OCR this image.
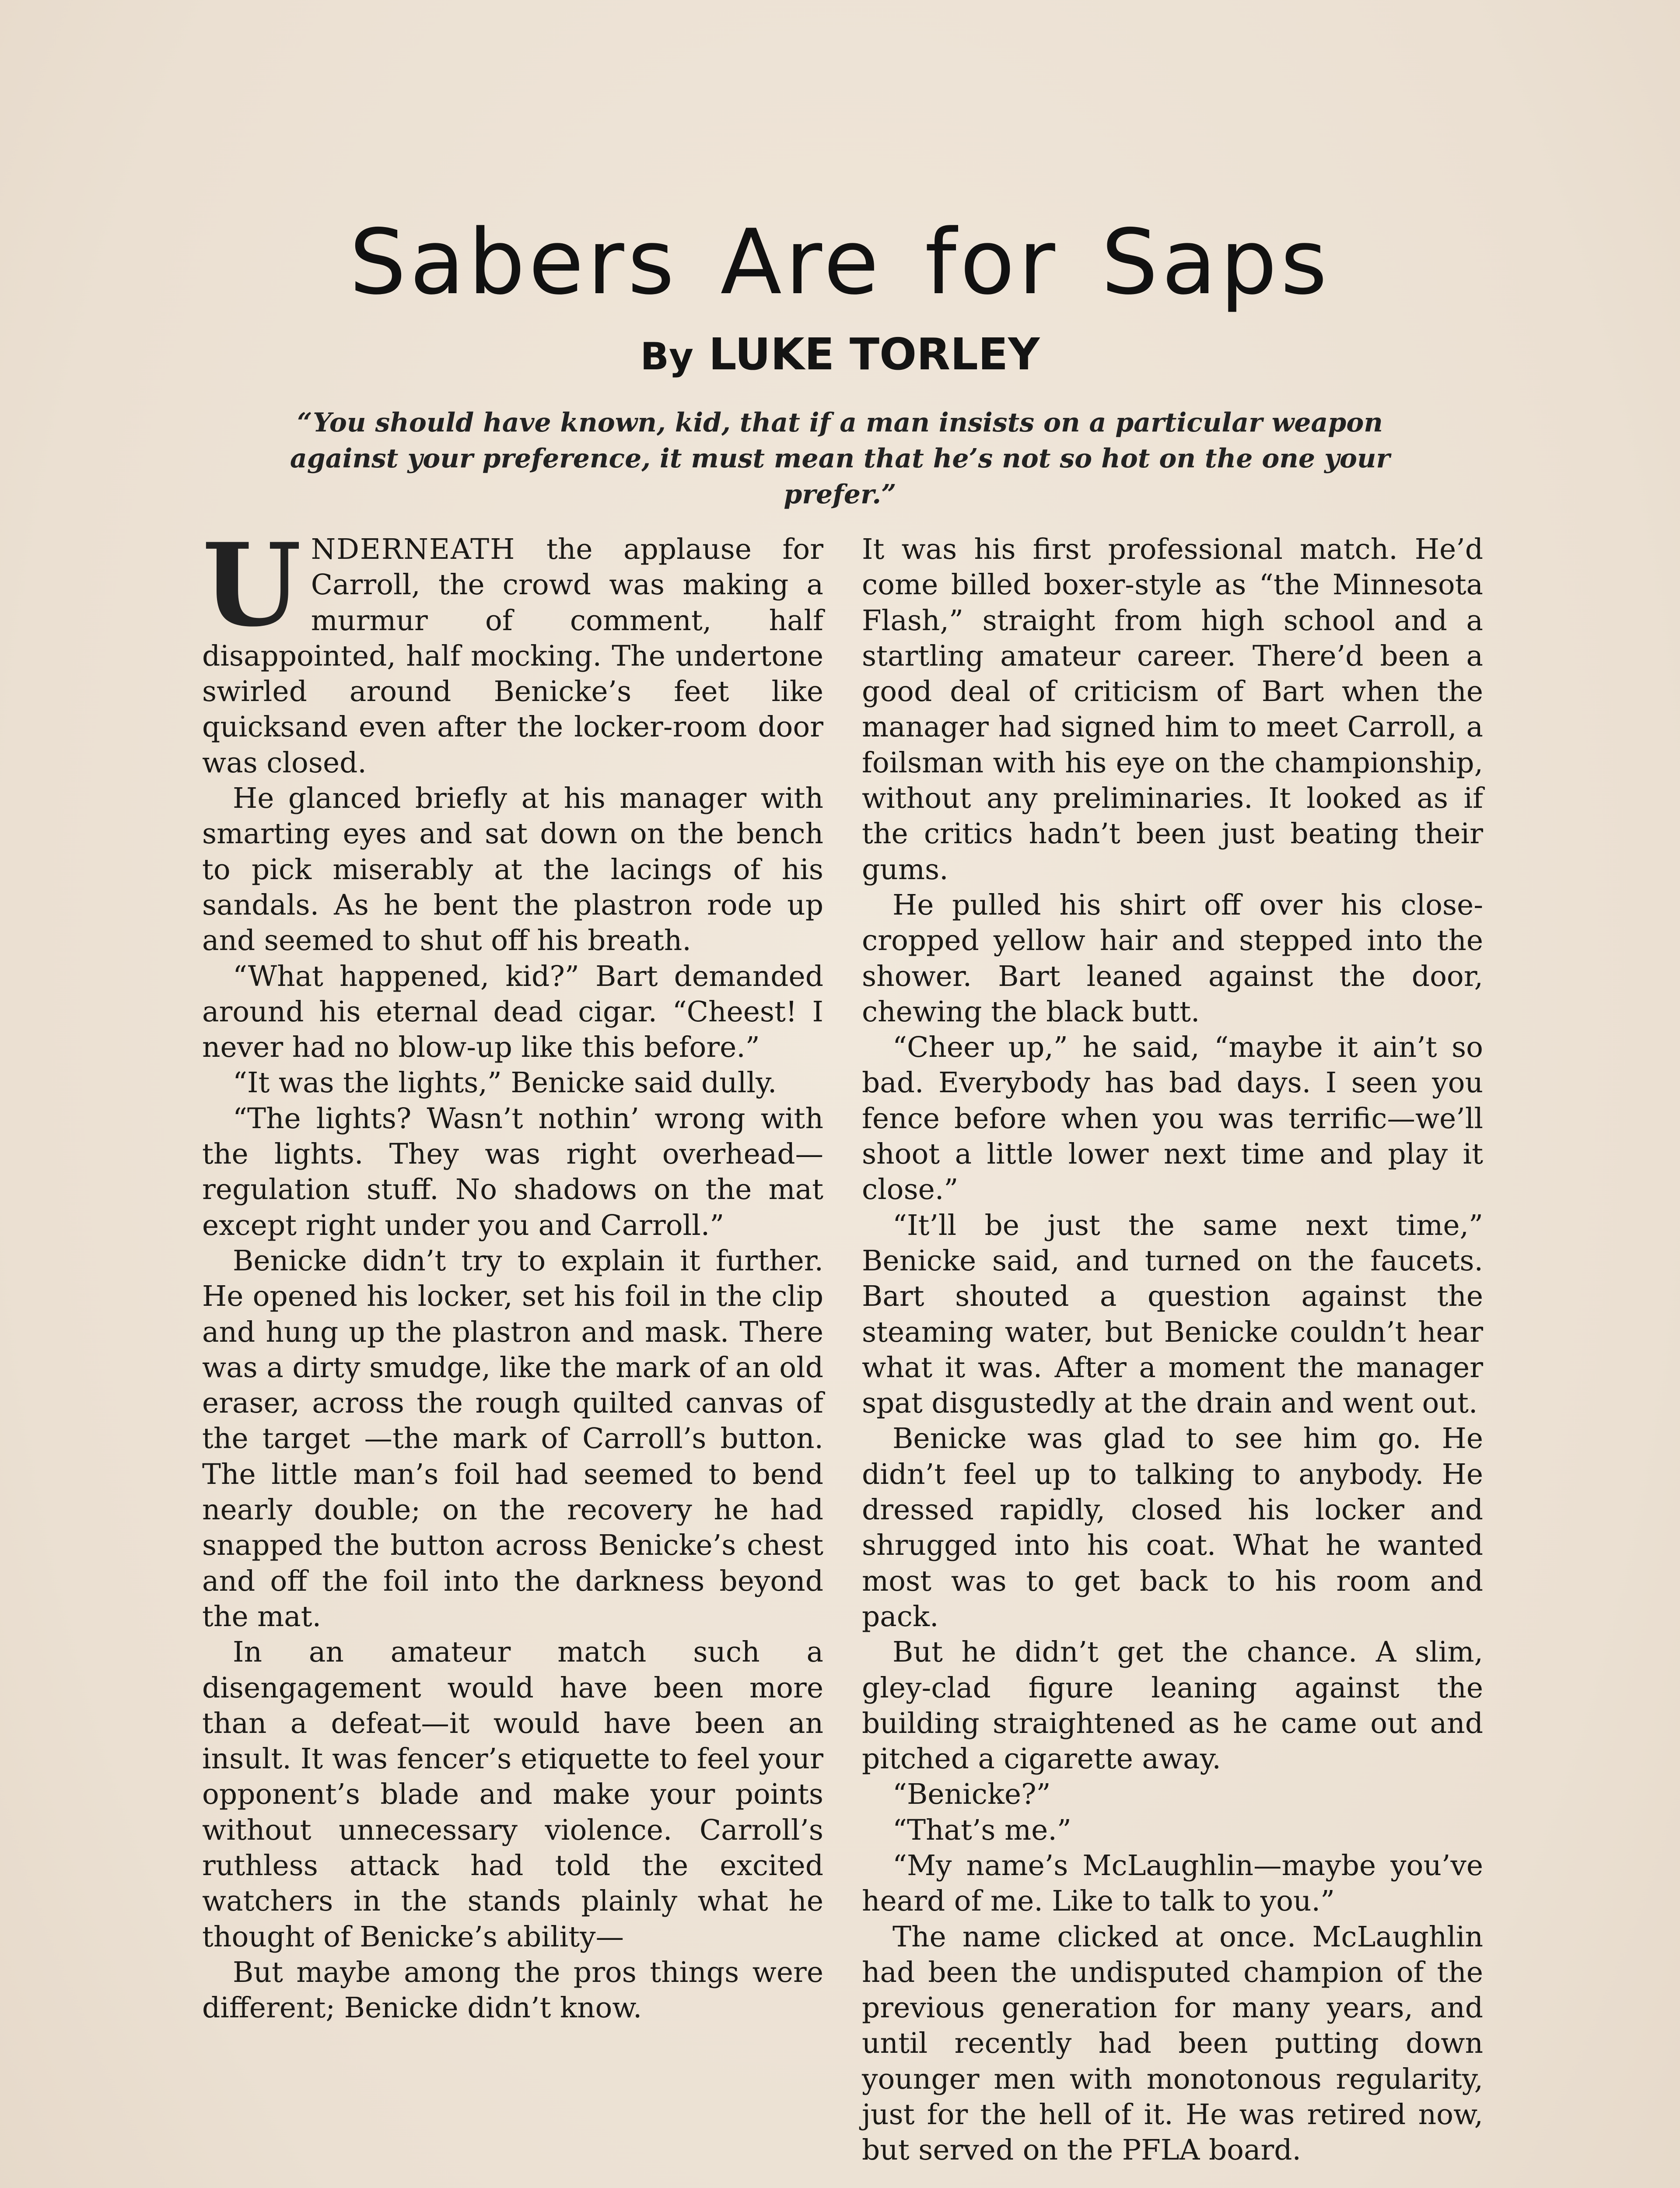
Sabers Are for Saps
By LUKE TORLEY
“You should have known, kid, that if a man insists on a particular weapon against your preference, it must mean that he’s not so hot on the one your prefer.”

UNDERNEATH the applause for Carroll, the crowd was making a murmur of comment, half disappointed, half mocking. The undertone swirled around Benicke’s feet like quicksand even after the locker-room door was closed.

He glanced briefly at his manager with smarting eyes and sat down on the bench to pick miserably at the lacings of his sandals. As he bent the plastron rode up and seemed to shut off his breath.

“What happened, kid?” Bart demanded around his eternal dead cigar. “Cheest! I never had no blow-up like this before.”

“It was the lights,” Benicke said dully.

“The lights? Wasn’t nothin’ wrong with the lights. They was right overhead—regulation stuff. No shadows on the mat except right under you and Carroll.”

Benicke didn’t try to explain it further. He opened his locker, set his foil in the clip and hung up the plastron and mask. There was a dirty smudge, like the mark of an old eraser, across the rough quilted canvas of the target —the mark of Carroll’s button. The little man’s foil had seemed to bend nearly double; on the recovery he had snapped the button across Benicke’s chest and off the foil into the darkness beyond the mat.

In an amateur match such a disengagement would have been more than a defeat—it would have been an insult. It was fencer’s etiquette to feel your opponent’s blade and make your points without unnecessary violence. Carroll’s ruthless attack had told the excited watchers in the stands plainly what he thought of Benicke’s ability—

But maybe among the pros things were different; Benicke didn’t know.

It was his first professional match. He’d come billed boxer-style as “the Minnesota Flash,” straight from high school and a startling amateur career. There’d been a good deal of criticism of Bart when the manager had signed him to meet Carroll, a foilsman with his eye on the championship, without any preliminaries. It looked as if the critics hadn’t been just beating their gums.

He pulled his shirt off over his close-cropped yellow hair and stepped into the shower. Bart leaned against the door, chewing the black butt.

“Cheer up,” he said, “maybe it ain’t so bad. Everybody has bad days. I seen you fence before when you was terrific—we’ll shoot a little lower next time and play it close.”

“It’ll be just the same next time,” Benicke said, and turned on the faucets. Bart shouted a question against the steaming water, but Benicke couldn’t hear what it was. After a moment the manager spat disgustedly at the drain and went out.

Benicke was glad to see him go. He didn’t feel up to talking to anybody. He dressed rapidly, closed his locker and shrugged into his coat. What he wanted most was to get back to his room and pack.

But he didn’t get the chance. A slim, gley-clad figure leaning against the building straightened as he came out and pitched a cigarette away.

“Benicke?”

“That’s me.”

“My name’s McLaughlin—maybe you’ve heard of me. Like to talk to you.”

The name clicked at once. McLaughlin had been the undisputed champion of the previous generation for many years, and until recently had been putting down younger men with monotonous regularity, just for the hell of it. He was retired now, but served on the PFLA board.
